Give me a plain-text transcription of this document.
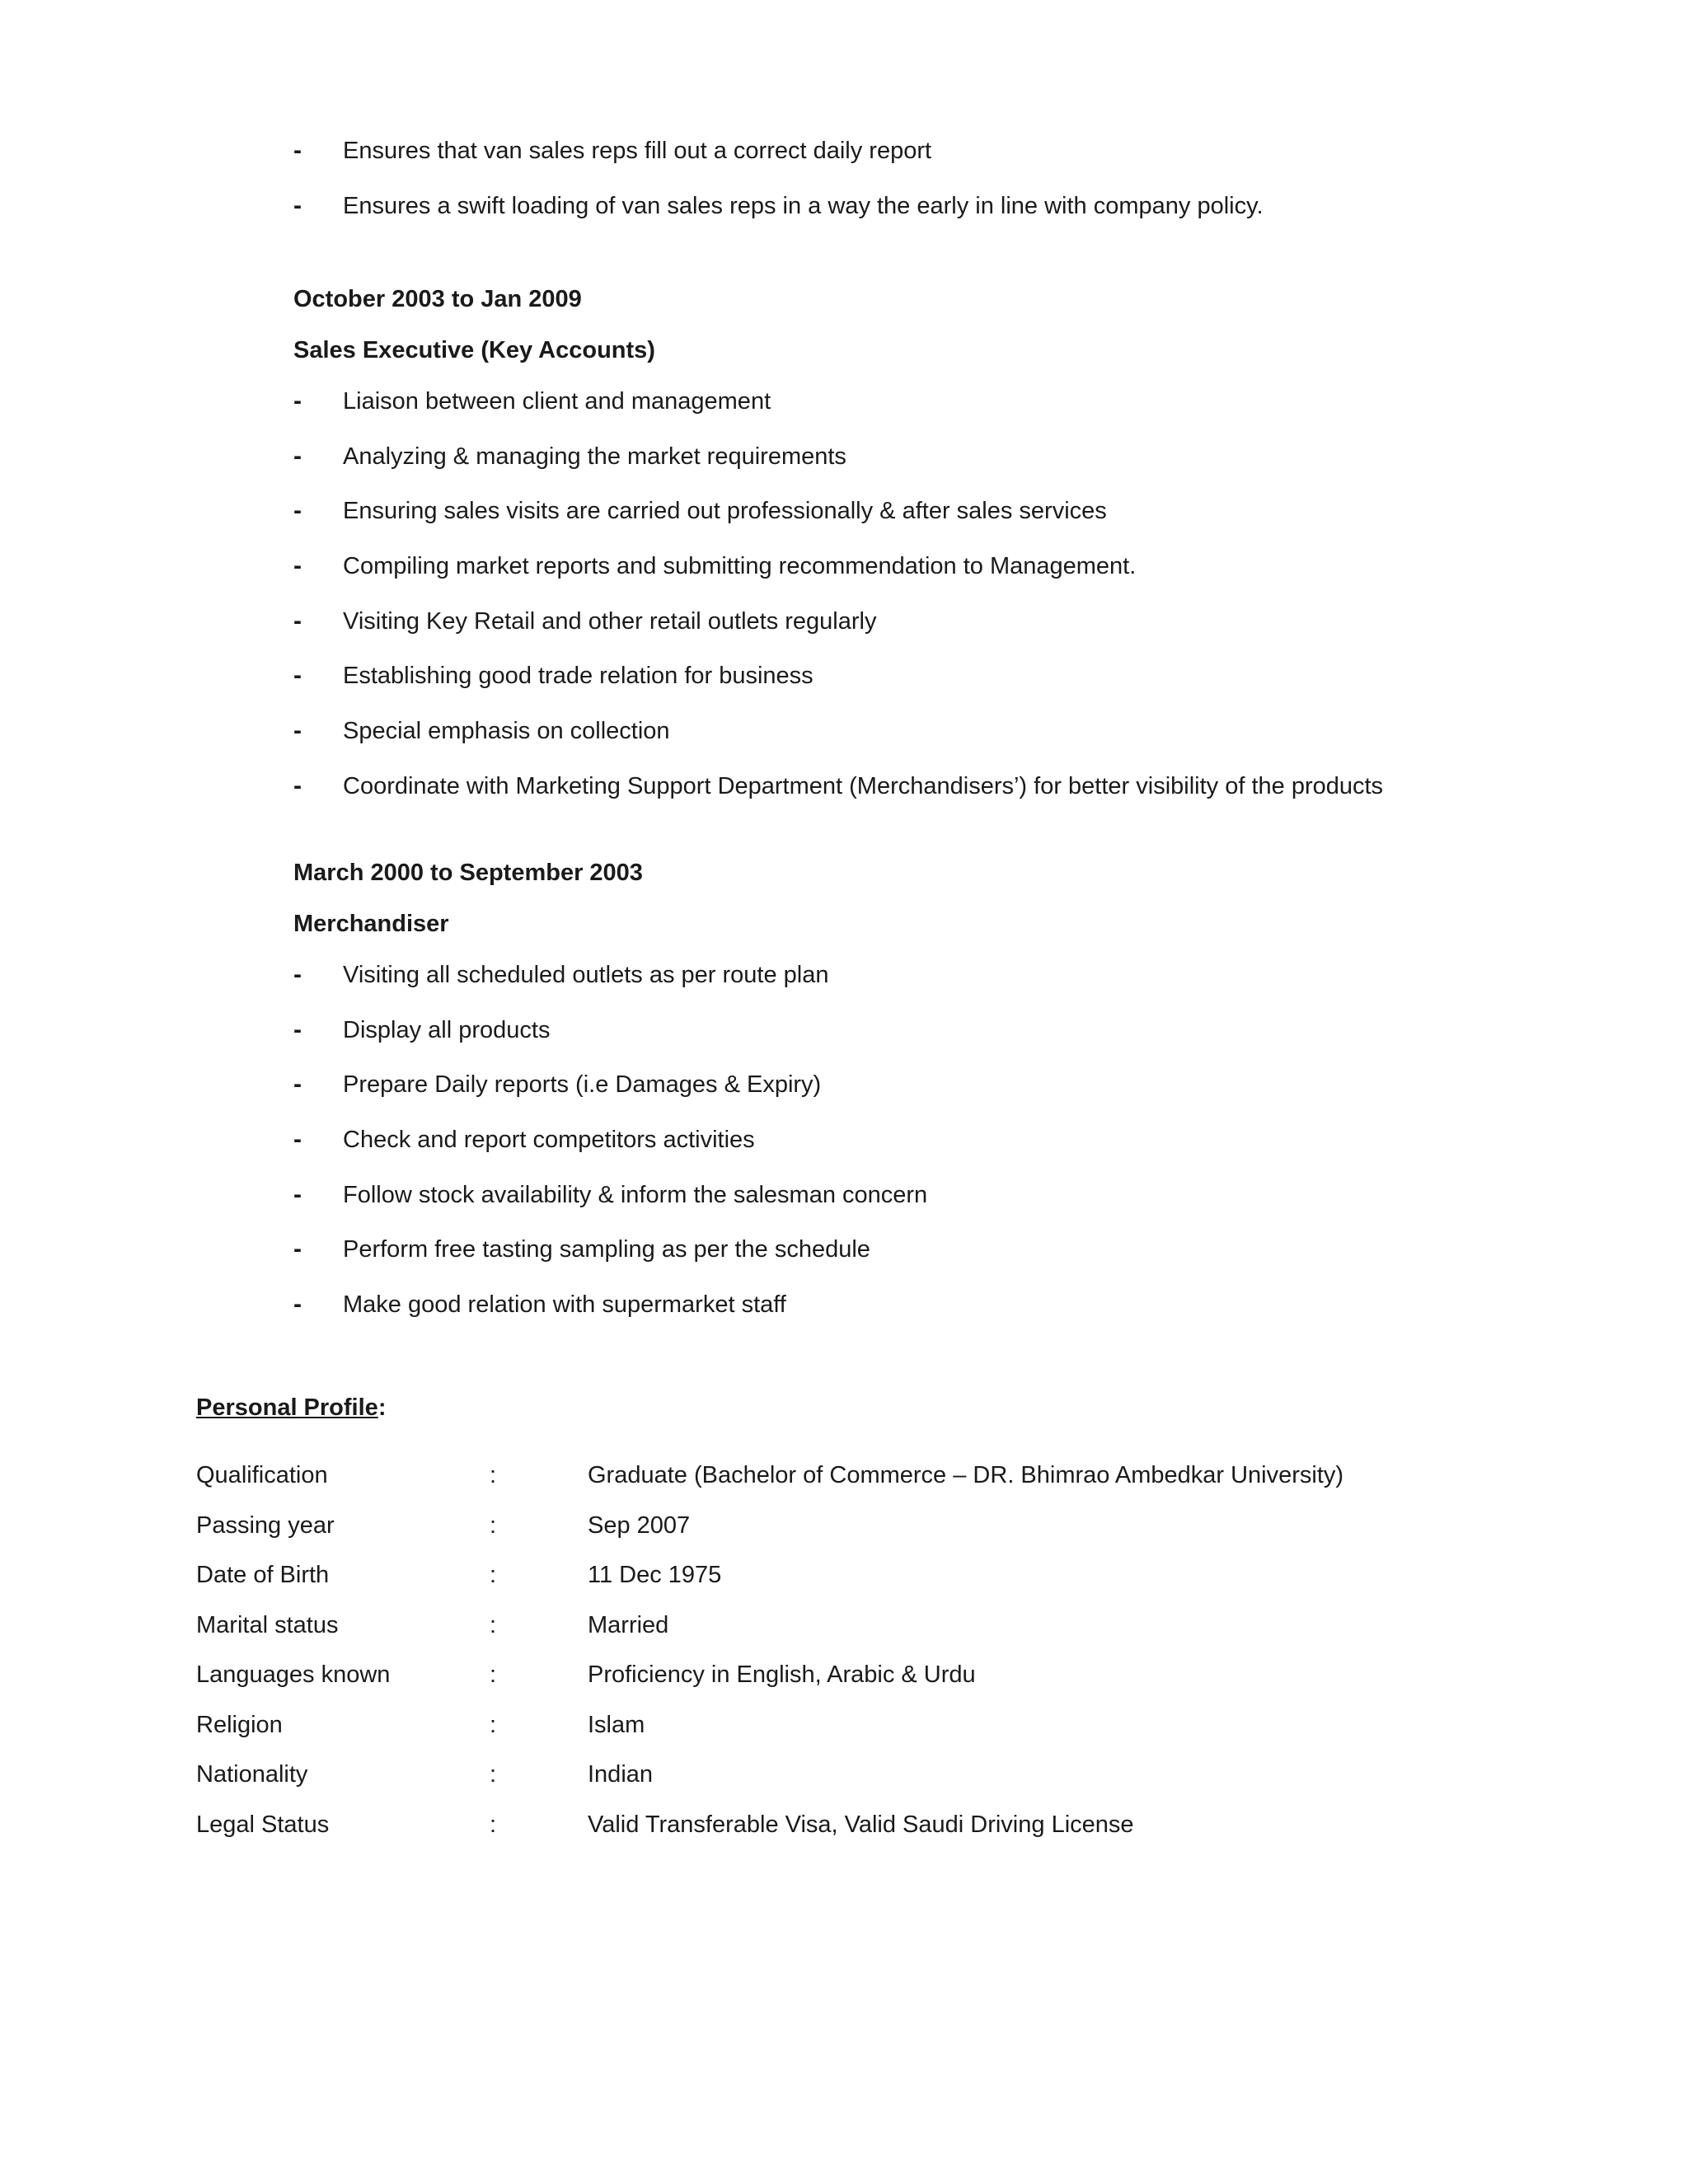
- Ensures that van sales reps fill out a correct daily report
- Ensures a swift loading of van sales reps in a way the early in line with company policy.
October 2003 to Jan 2009
Sales Executive (Key Accounts)
- Liaison between client and management
- Analyzing & managing the market requirements
- Ensuring sales visits are carried out professionally & after sales services
- Compiling market reports and submitting recommendation to Management.
- Visiting Key Retail and other retail outlets regularly
- Establishing good trade relation for business
- Special emphasis on collection
- Coordinate with Marketing Support Department (Merchandisers’) for better visibility of the products
March 2000 to September 2003
Merchandiser
- Visiting all scheduled outlets as per route plan
- Display all products
- Prepare Daily reports (i.e Damages & Expiry)
- Check and report competitors activities
- Follow stock availability & inform the salesman concern
- Perform free tasting sampling as per the schedule
- Make good relation with supermarket staff
Personal Profile:
Qualification	:	Graduate (Bachelor of Commerce – DR. Bhimrao Ambedkar University)
Passing year	:	Sep 2007
Date of Birth	:	11 Dec 1975
Marital status	:	Married
Languages known	:	Proficiency in English, Arabic & Urdu
Religion	:	Islam
Nationality	:	Indian
Legal Status	:	Valid Transferable Visa, Valid Saudi Driving License
